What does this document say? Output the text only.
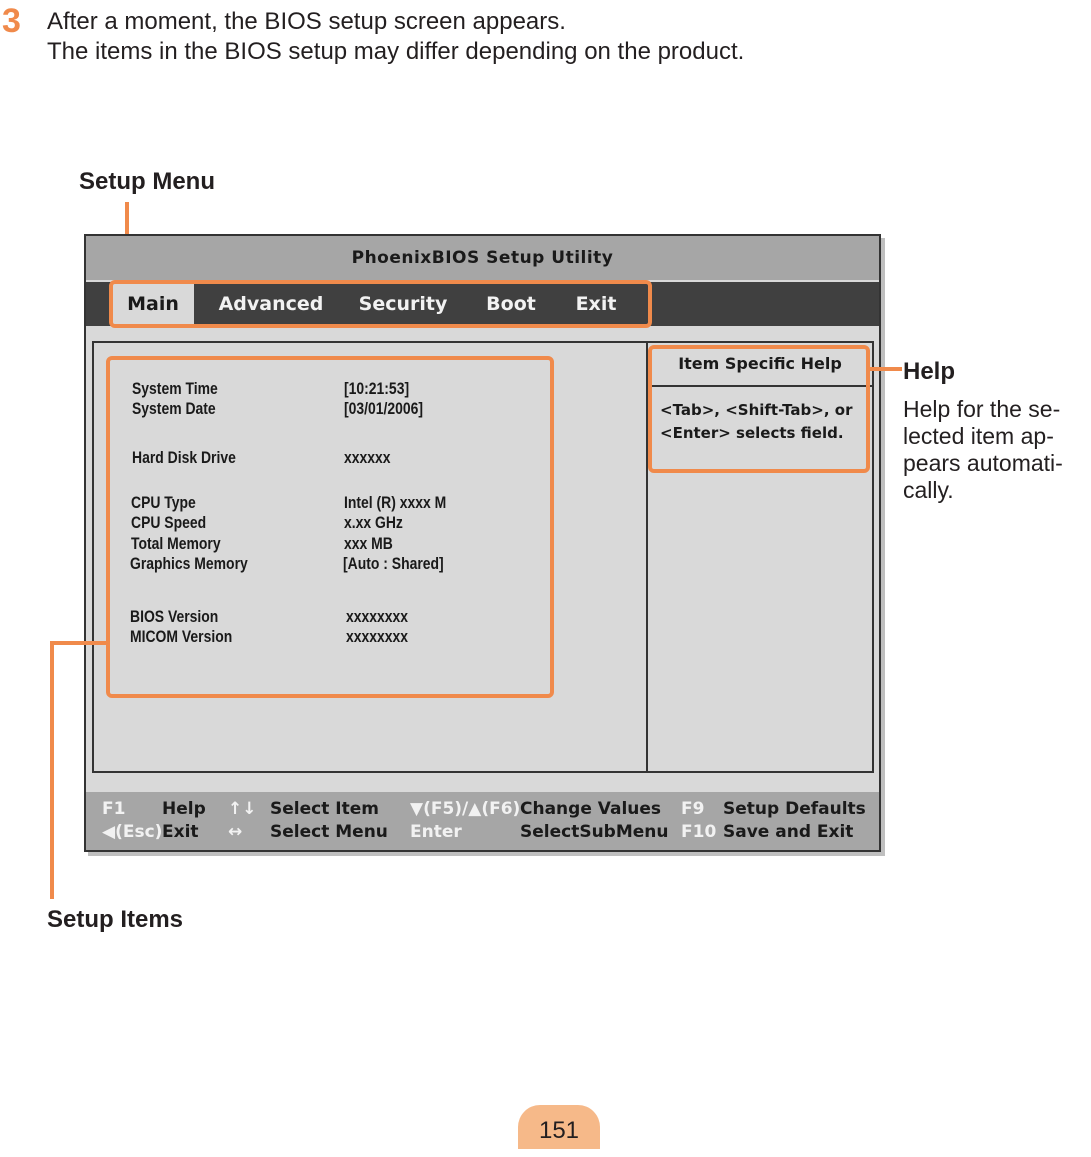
3 After a moment, the BIOS setup screen appears.
The items in the BIOS setup may differ depending on the product.
Setup Menu
PhoenixBIOS Setup Utility
Main	Advanced	Security	Boot	Exit
System Time	[10:21:53]
System Date	[03/01/2006]
Hard Disk Drive	xxxxxx
CPU Type	Intel (R) xxxx M
CPU Speed	x.xx GHz
Total Memory	xxx MB
Graphics Memory	[Auto : Shared]
BIOS Version	xxxxxxxx
MICOM Version	xxxxxxxx
Item Specific Help
<Tab>, <Shift-Tab>, or
<Enter> selects field.
F1 Help ↑↓ Select Item ▼(F5)/▲(F6) Change Values F9 Setup Defaults
◀(Esc) Exit ↔ Select Menu Enter	SelectSubMenu F10 Save and Exit
Help
Help for the se-
lected item ap-
pears automati-
cally.
Setup Items
151
